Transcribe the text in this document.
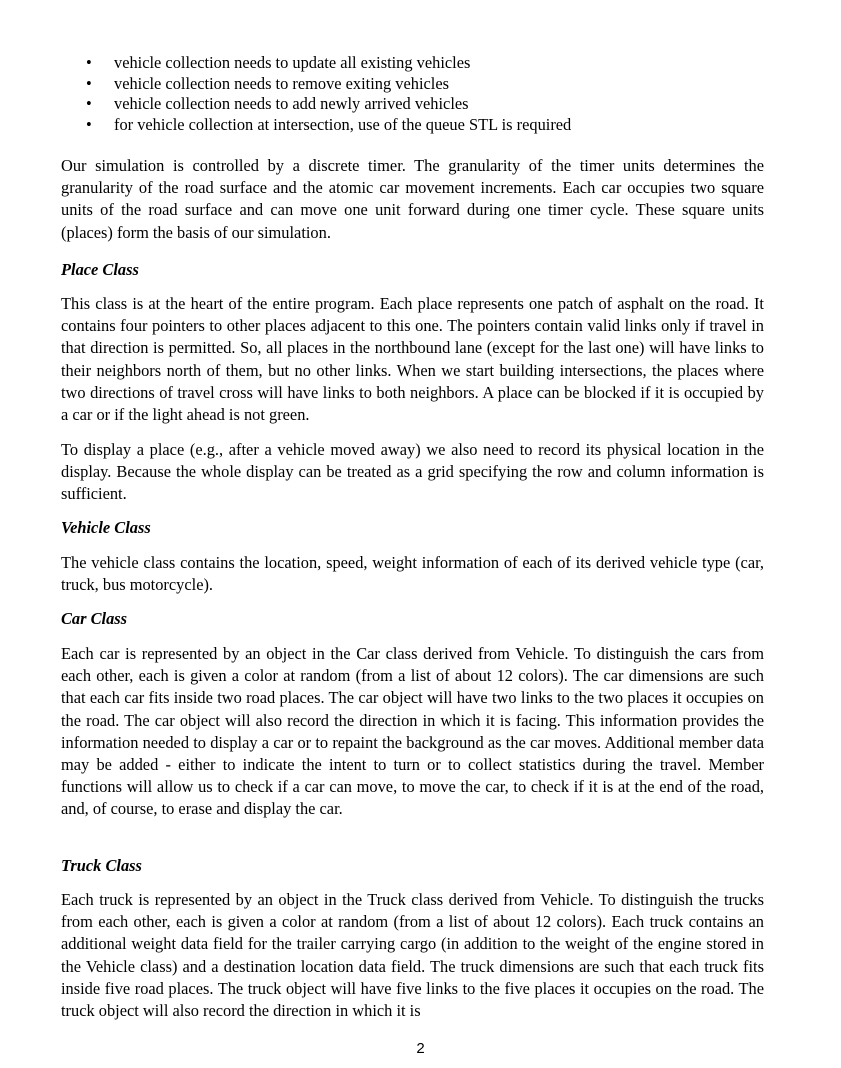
• vehicle collection needs to update all existing vehicles
• vehicle collection needs to remove exiting vehicles
• vehicle collection needs to add newly arrived vehicles
• for vehicle collection at intersection, use of the queue STL is required

Our simulation is controlled by a discrete timer. The granularity of the timer units determines the granularity of the road surface and the atomic car movement increments. Each car occupies two square units of the road surface and can move one unit forward during one timer cycle. These square units (places) form the basis of our simulation.

Place Class

This class is at the heart of the entire program. Each place represents one patch of asphalt on the road. It contains four pointers to other places adjacent to this one. The pointers contain valid links only if travel in that direction is permitted. So, all places in the northbound lane (except for the last one) will have links to their neighbors north of them, but no other links. When we start building intersections, the places where two directions of travel cross will have links to both neighbors. A place can be blocked if it is occupied by a car or if the light ahead is not green.

To display a place (e.g., after a vehicle moved away) we also need to record its physical location in the display. Because the whole display can be treated as a grid specifying the row and column information is sufficient.

Vehicle Class

The vehicle class contains the location, speed, weight information of each of its derived vehicle type (car, truck, bus motorcycle).

Car Class

Each car is represented by an object in the Car class derived from Vehicle. To distinguish the cars from each other, each is given a color at random (from a list of about 12 colors). The car dimensions are such that each car fits inside two road places. The car object will have two links to the two places it occupies on the road. The car object will also record the direction in which it is facing. This information provides the information needed to display a car or to repaint the background as the car moves. Additional member data may be added - either to indicate the intent to turn or to collect statistics during the travel. Member functions will allow us to check if a car can move, to move the car, to check if it is at the end of the road, and, of course, to erase and display the car.

Truck Class

Each truck is represented by an object in the Truck class derived from Vehicle. To distinguish the trucks from each other, each is given a color at random (from a list of about 12 colors). Each truck contains an additional weight data field for the trailer carrying cargo (in addition to the weight of the engine stored in the Vehicle class) and a destination location data field. The truck dimensions are such that each truck fits inside five road places. The truck object will have five links to the five places it occupies on the road. The truck object will also record the direction in which it is

2
